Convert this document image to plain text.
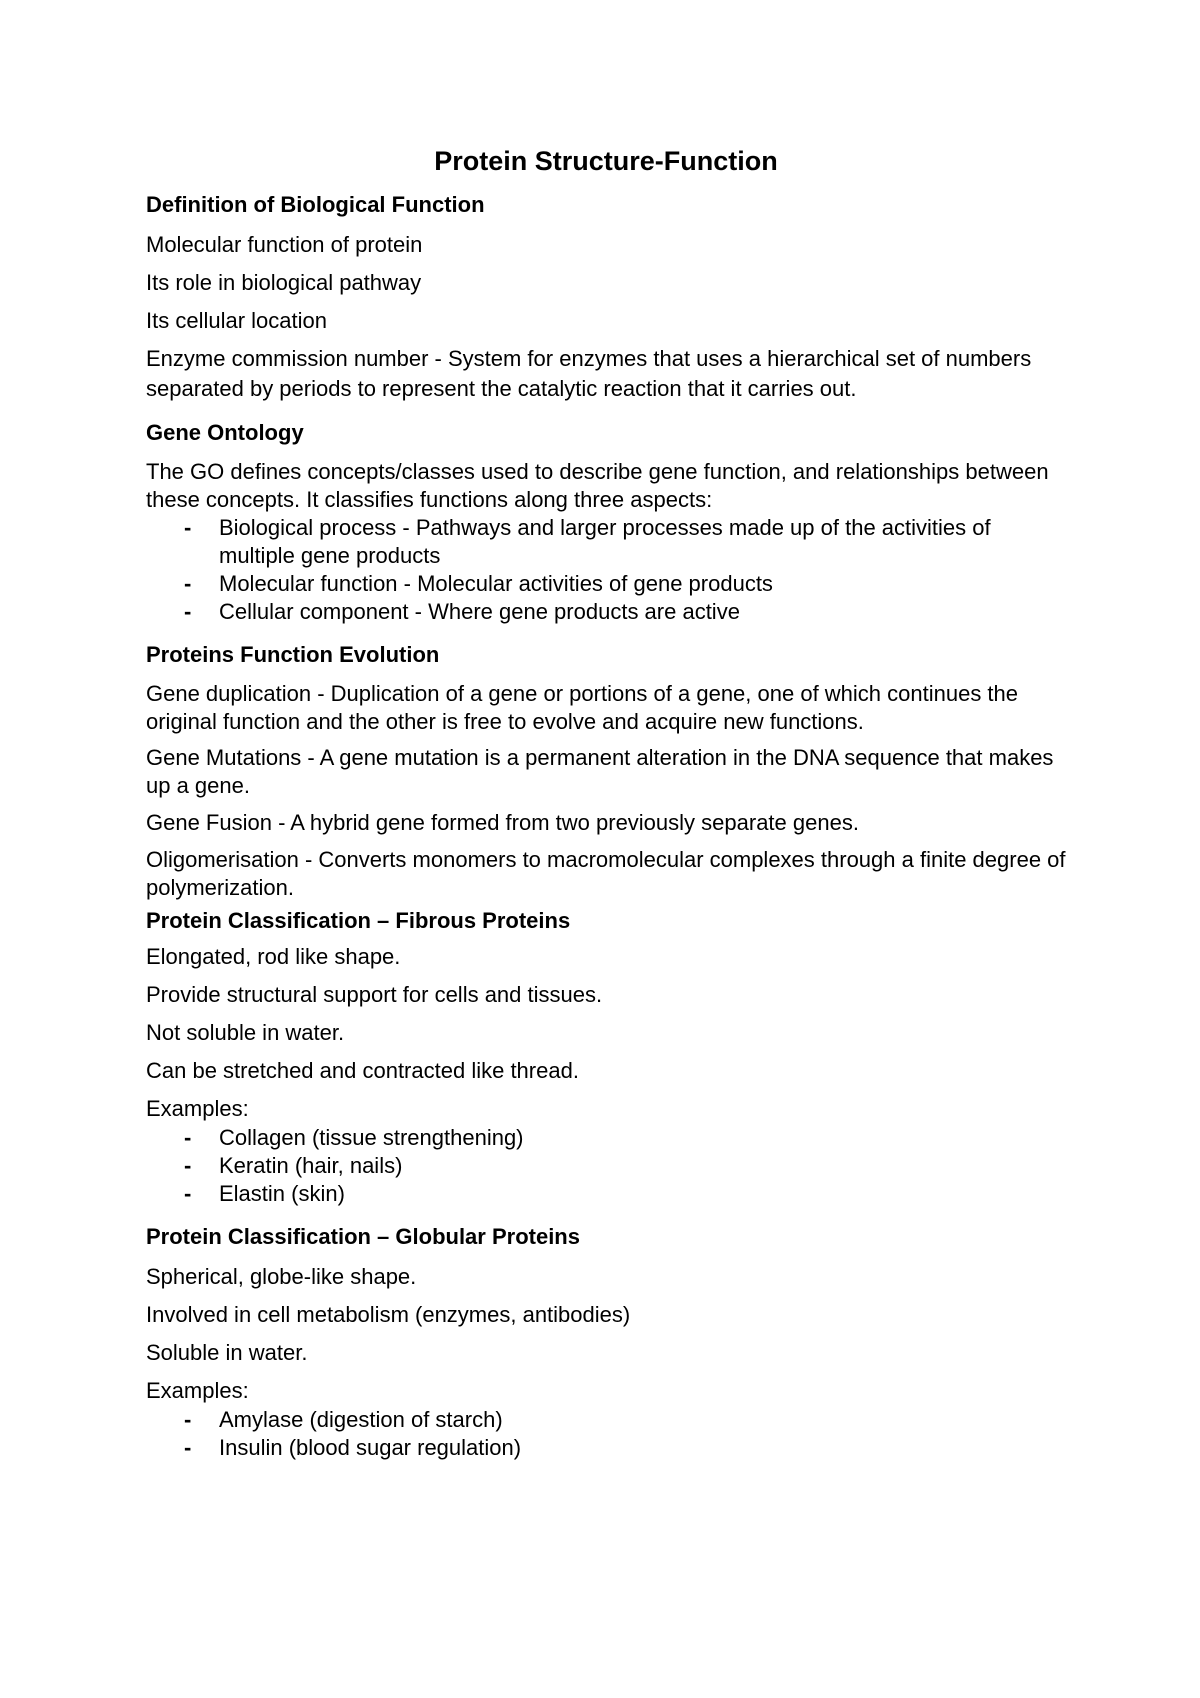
Protein Structure-Function
Definition of Biological Function
Molecular function of protein
Its role in biological pathway
Its cellular location
Enzyme commission number - System for enzymes that uses a hierarchical set of numbers separated by periods to represent the catalytic reaction that it carries out.
Gene Ontology
The GO defines concepts/classes used to describe gene function, and relationships between these concepts. It classifies functions along three aspects:
- Biological process - Pathways and larger processes made up of the activities of multiple gene products
- Molecular function - Molecular activities of gene products
- Cellular component - Where gene products are active
Proteins Function Evolution
Gene duplication - Duplication of a gene or portions of a gene, one of which continues the original function and the other is free to evolve and acquire new functions.
Gene Mutations - A gene mutation is a permanent alteration in the DNA sequence that makes up a gene.
Gene Fusion - A hybrid gene formed from two previously separate genes.
Oligomerisation - Converts monomers to macromolecular complexes through a finite degree of polymerization.
Protein Classification – Fibrous Proteins
Elongated, rod like shape.
Provide structural support for cells and tissues.
Not soluble in water.
Can be stretched and contracted like thread.
Examples:
- Collagen (tissue strengthening)
- Keratin (hair, nails)
- Elastin (skin)
Protein Classification – Globular Proteins
Spherical, globe-like shape.
Involved in cell metabolism (enzymes, antibodies)
Soluble in water.
Examples:
- Amylase (digestion of starch)
- Insulin (blood sugar regulation)
